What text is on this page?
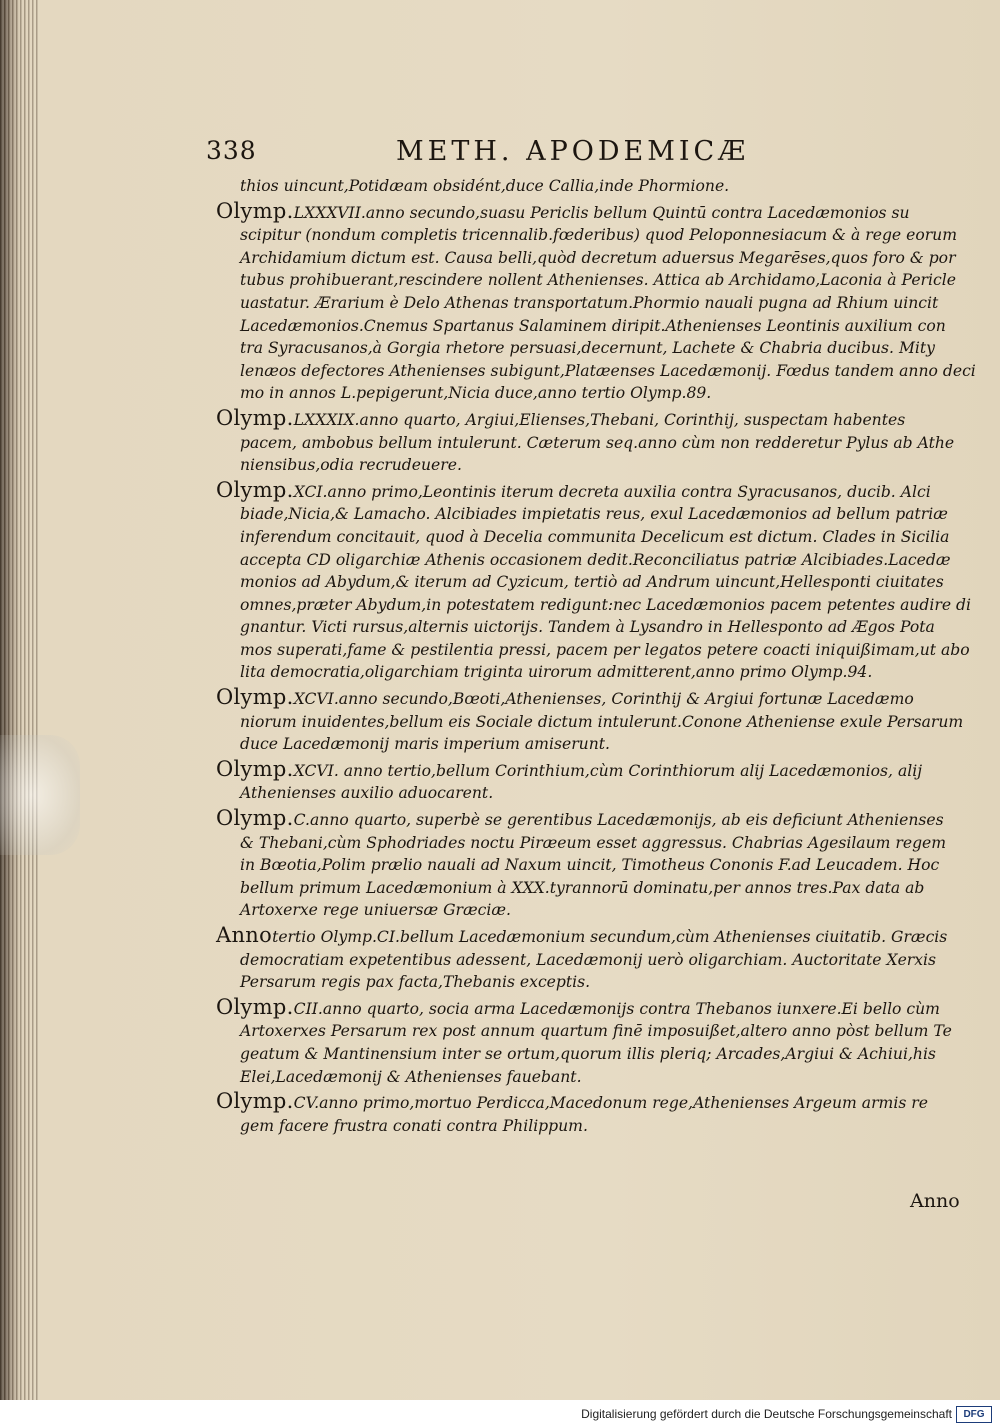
338	METH. APODEMICÆ
thios uincunt,Potidæam obsidént,duce Callia,inde Phormione.
Olymp.LXXXVII.anno secundo,suasu Periclis bellum Quintū contra Lacedæmonios su
scipitur (nondum completis tricennalib.fœderibus) quod Peloponnesiacum & à rege eorum
Archidamium dictum est. Causa belli,quòd decretum aduersus Megarēses,quos foro & por
tubus prohibuerant,rescindere nollent Athenienses. Attica ab Archidamo,Laconia à Pericle
uastatur. Ærarium è Delo Athenas transportatum.Phormio nauali pugna ad Rhium uincit
Lacedæmonios.Cnemus Spartanus Salaminem diripit.Athenienses Leontinis auxilium con
tra Syracusanos,à Gorgia rhetore persuasi,decernunt, Lachete & Chabria ducibus. Mity
lenæos defectores Athenienses subigunt,Platæenses Lacedæmonij. Fœdus tandem anno deci
mo in annos L.pepigerunt,Nicia duce,anno tertio Olymp.89.
Olymp.LXXXIX.anno quarto, Argiui,Elienses,Thebani, Corinthij, suspectam habentes
pacem, ambobus bellum intulerunt. Cæterum seq.anno cùm non redderetur Pylus ab Athe
niensibus,odia recrudeuere.
Olymp.XCI.anno primo,Leontinis iterum decreta auxilia contra Syracusanos, ducib. Alci
biade,Nicia,& Lamacho. Alcibiades impietatis reus, exul Lacedæmonios ad bellum patriæ
inferendum concitauit, quod à Decelia communita Decelicum est dictum. Clades in Sicilia
accepta CD oligarchiæ Athenis occasionem dedit.Reconciliatus patriæ Alcibiades.Lacedæ
monios ad Abydum,& iterum ad Cyzicum, tertiò ad Andrum uincunt,Hellesponti ciuitates
omnes,præter Abydum,in potestatem redigunt:nec Lacedæmonios pacem petentes audire di
gnantur. Victi rursus,alternis uictorijs. Tandem à Lysandro in Hellesponto ad Ægos Pota
mos superati,fame & pestilentia pressi, pacem per legatos petere coacti iniquißimam,ut abo
lita democratia,oligarchiam triginta uirorum admitterent,anno primo Olymp.94.
Olymp.XCVI.anno secundo,Bœoti,Athenienses, Corinthij & Argiui fortunæ Lacedæmo
niorum inuidentes,bellum eis Sociale dictum intulerunt.Conone Atheniense exule Persarum
duce Lacedæmonij maris imperium amiserunt.
Olymp.XCVI. anno tertio,bellum Corinthium,cùm Corinthiorum alij Lacedæmonios, alij
Athenienses auxilio aduocarent.
Olymp.C.anno quarto, superbè se gerentibus Lacedæmonijs, ab eis deficiunt Athenienses
& Thebani,cùm Sphodriades noctu Piræeum esset aggressus. Chabrias Agesilaum regem
in Bœotia,Polim prælio nauali ad Naxum uincit, Timotheus Cononis F.ad Leucadem. Hoc
bellum primum Lacedæmonium à XXX.tyrannorū dominatu,per annos tres.Pax data ab
Artoxerxe rege uniuersæ Græciæ.
Annotertio Olymp.CI.bellum Lacedæmonium secundum,cùm Athenienses ciuitatib. Græcis
democratiam expetentibus adessent, Lacedæmonij uerò oligarchiam. Auctoritate Xerxis
Persarum regis pax facta,Thebanis exceptis.
Olymp.CII.anno quarto, socia arma Lacedæmonijs contra Thebanos iunxere.Ei bello cùm
Artoxerxes Persarum rex post annum quartum finē imposuißet,altero anno pòst bellum Te
geatum & Mantinensium inter se ortum,quorum illis pleriq; Arcades,Argiui & Achiui,his
Elei,Lacedæmonij & Athenienses fauebant.
Olymp.CV.anno primo,mortuo Perdicca,Macedonum rege,Athenienses Argeum armis re
gem facere frustra conati contra Philippum.
Anno
Digitalisierung gefördert durch die Deutsche Forschungsgemeinschaft	DFG
